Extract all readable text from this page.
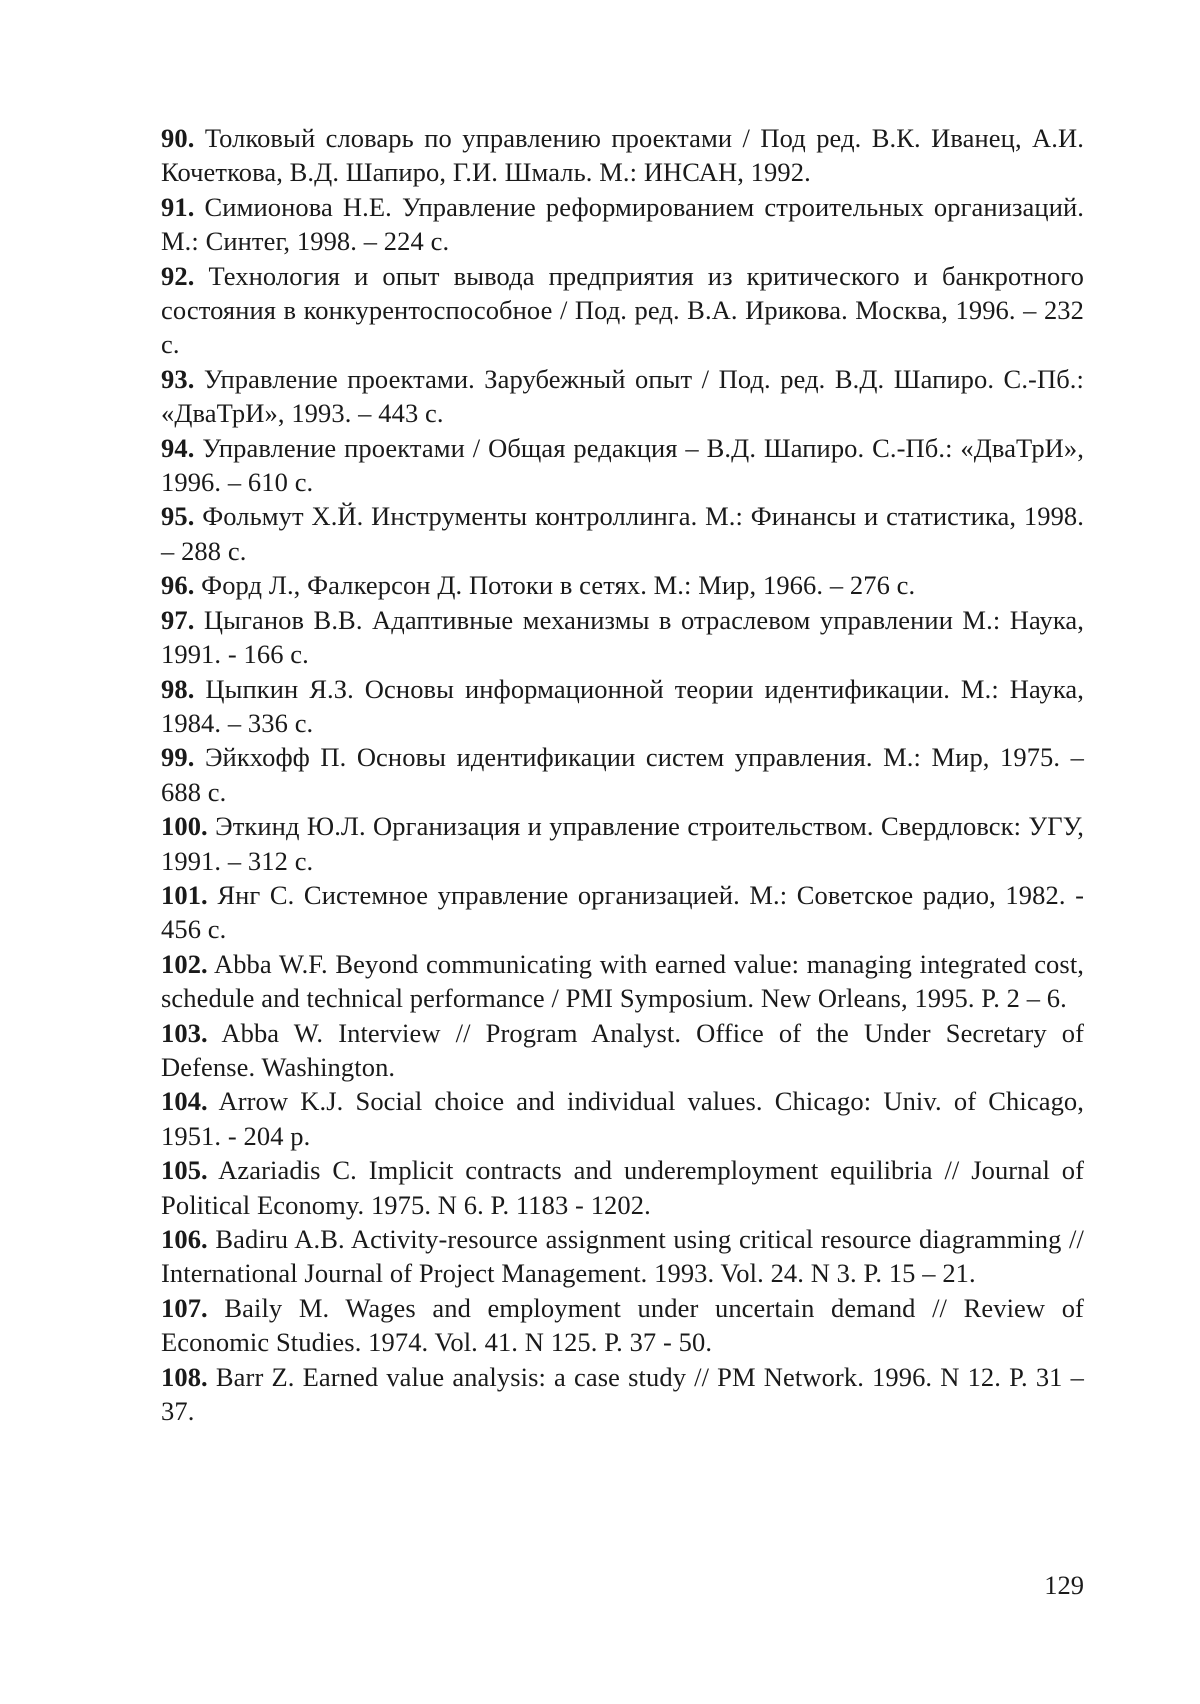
90. Толковый словарь по управлению проектами / Под ред. В.К. Иванец, А.И. Кочеткова, В.Д. Шапиро, Г.И. Шмаль. М.: ИНСАН, 1992.
91. Симионова Н.Е. Управление реформированием строительных организаций. М.: Синтег, 1998. – 224 с.
92. Технология и опыт вывода предприятия из критического и банкротного состояния в конкурентоспособное / Под. ред. В.А. Ирикова. Москва, 1996. – 232 с.
93. Управление проектами. Зарубежный опыт / Под. ред. В.Д. Шапиро. С.-Пб.: «ДваТрИ», 1993. – 443 с.
94. Управление проектами / Общая редакция – В.Д. Шапиро. С.-Пб.: «ДваТрИ», 1996. – 610 с.
95. Фольмут Х.Й. Инструменты контроллинга. М.: Финансы и статистика, 1998. – 288 с.
96. Форд Л., Фалкерсон Д. Потоки в сетях. М.: Мир, 1966. – 276 с.
97. Цыганов В.В. Адаптивные механизмы в отраслевом управлении М.: Наука, 1991. - 166 с.
98. Цыпкин Я.З. Основы информационной теории идентификации. М.: Наука, 1984. – 336 с.
99. Эйкхофф П. Основы идентификации систем управления. М.: Мир, 1975. – 688 с.
100. Эткинд Ю.Л. Организация и управление строительством. Свердловск: УГУ, 1991. – 312 с.
101. Янг С. Системное управление организацией. М.: Советское радио, 1982. - 456 с.
102. Abba W.F. Beyond communicating with earned value: managing integrated cost, schedule and technical performance / PMI Symposium. New Orleans, 1995. P. 2 – 6.
103. Abba W. Interview // Program Analyst. Office of the Under Secretary of Defense. Washington.
104. Arrow K.J. Social choice and individual values. Chicago: Univ. of Chicago, 1951. - 204 p.
105. Azariadis C. Implicit contracts and underemployment equilibria // Journal of Political Economy. 1975. N 6. P. 1183 - 1202.
106. Badiru A.B. Activity-resource assignment using critical resource diagramming // International Journal of Project Management. 1993. Vol. 24. N 3. P. 15 – 21.
107. Baily M. Wages and employment under uncertain demand // Review of Economic Studies. 1974. Vol. 41. N 125. P. 37 - 50.
108. Barr Z. Earned value analysis: a case study // PM Network. 1996. N 12. P. 31 – 37.
129
